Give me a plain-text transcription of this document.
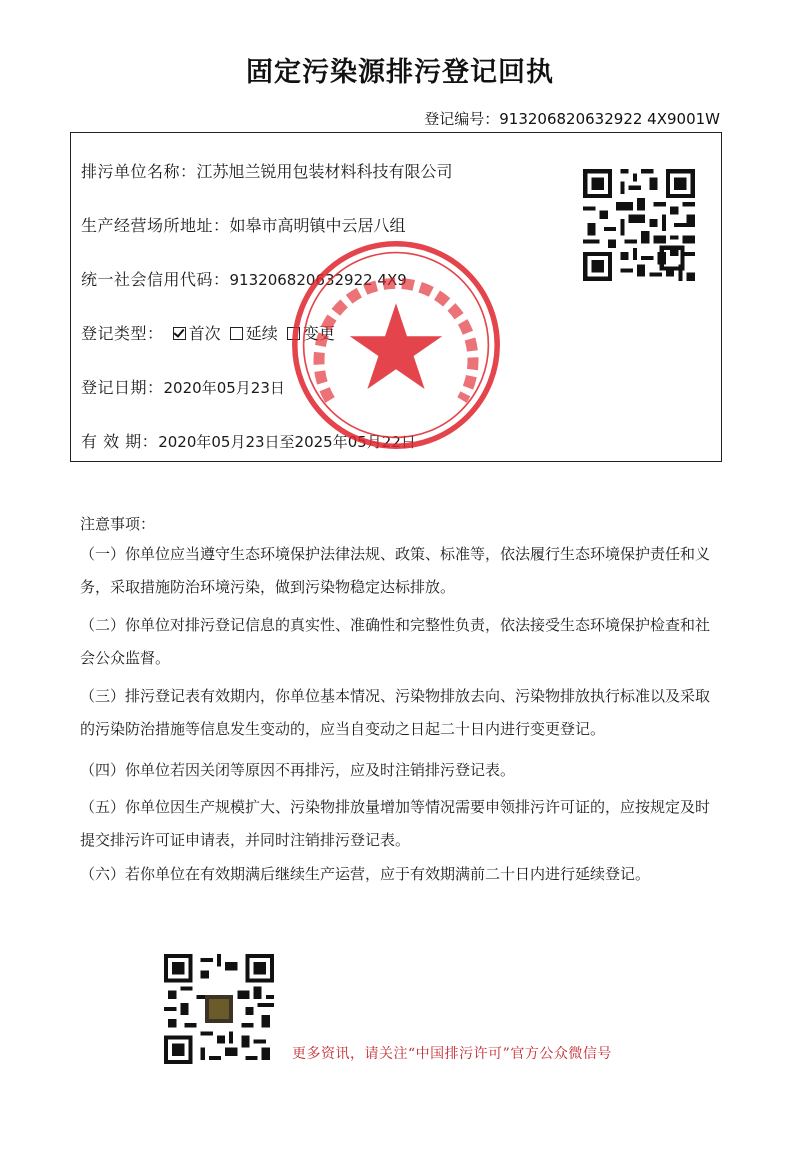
固定污染源排污登记回执
登记编号：913206820632922 4X9001W
排污单位名称：江苏旭兰锐用包装材料科技有限公司
生产经营场所地址：如皋市高明镇中云居八组
统一社会信用代码：913206820632922 4X9
登记类型： 首次 延续 变更
登记日期：2020年05月23日
有 效 期：2020年05月23日至2025年05月22日
注意事项：
（一）你单位应当遵守生态环境保护法律法规、政策、标准等，依法履行生态环境保护责任和义务，采取措施防治环境污染，做到污染物稳定达标排放。
（二）你单位对排污登记信息的真实性、准确性和完整性负责，依法接受生态环境保护检查和社会公众监督。
（三）排污登记表有效期内，你单位基本情况、污染物排放去向、污染物排放执行标准以及采取的污染防治措施等信息发生变动的，应当自变动之日起二十日内进行变更登记。
（四）你单位若因关闭等原因不再排污，应及时注销排污登记表。
（五）你单位因生产规模扩大、污染物排放量增加等情况需要申领排污许可证的，应按规定及时提交排污许可证申请表，并同时注销排污登记表。
（六）若你单位在有效期满后继续生产运营，应于有效期满前二十日内进行延续登记。
更多资讯，请关注“中国排污许可”官方公众微信号
